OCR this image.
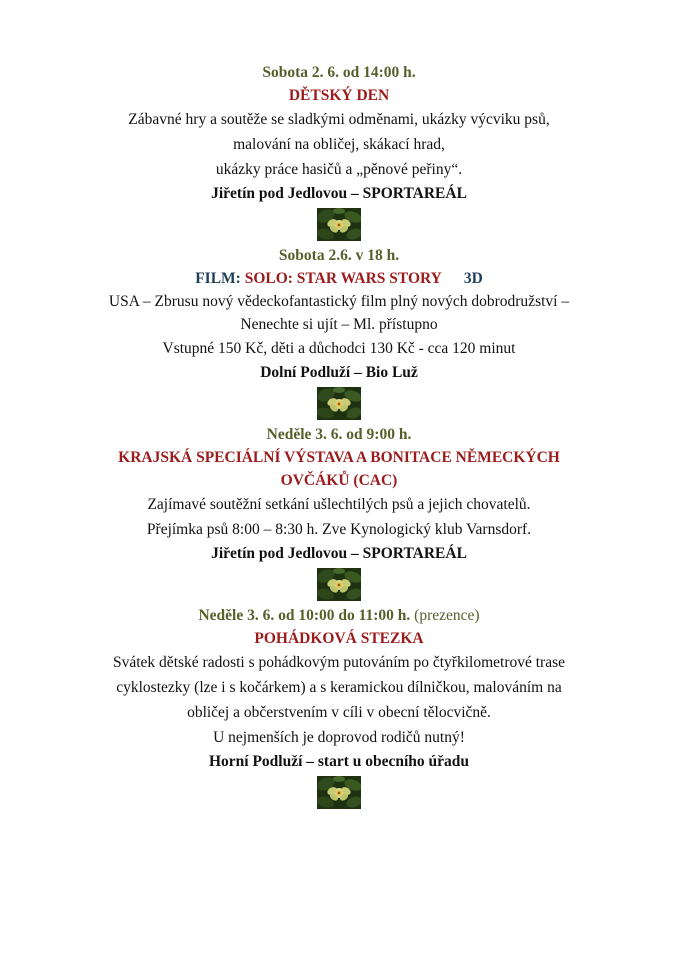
Sobota 2. 6. od 14:00 h.
DĚTSKÝ DEN
Zábavné hry a soutěže se sladkými odměnami, ukázky výcviku psů,
malování na obličej, skákací hrad,
ukázky práce hasičů a „pěnové peřiny“.
Jiřetín pod Jedlovou – SPORTAREÁL
Sobota 2.6. v 18 h.
FILM: SOLO: STAR WARS STORY 3D
USA – Zbrusu nový vědeckofantastický film plný nových dobrodružství –
Nenechte si ujít – Ml. přístupno
Vstupné 150 Kč, děti a důchodci 130 Kč - cca 120 minut
Dolní Podluží – Bio Luž
Neděle 3. 6. od 9:00 h.
KRAJSKÁ SPECIÁLNÍ VÝSTAVA A BONITACE NĚMECKÝCH
OVČÁKŮ (CAC)
Zajímavé soutěžní setkání ušlechtilých psů a jejich chovatelů.
Přejímka psů 8:00 – 8:30 h. Zve Kynologický klub Varnsdorf.
Jiřetín pod Jedlovou – SPORTAREÁL
Neděle 3. 6. od 10:00 do 11:00 h. (prezence)
POHÁDKOVÁ STEZKA
Svátek dětské radosti s pohádkovým putováním po čtyřkilometrové trase
cyklostezky (lze i s kočárkem) a s keramickou dílničkou, malováním na
obličej a občerstvením v cíli v obecní tělocvičně.
U nejmenších je doprovod rodičů nutný!
Horní Podluží – start u obecního úřadu
